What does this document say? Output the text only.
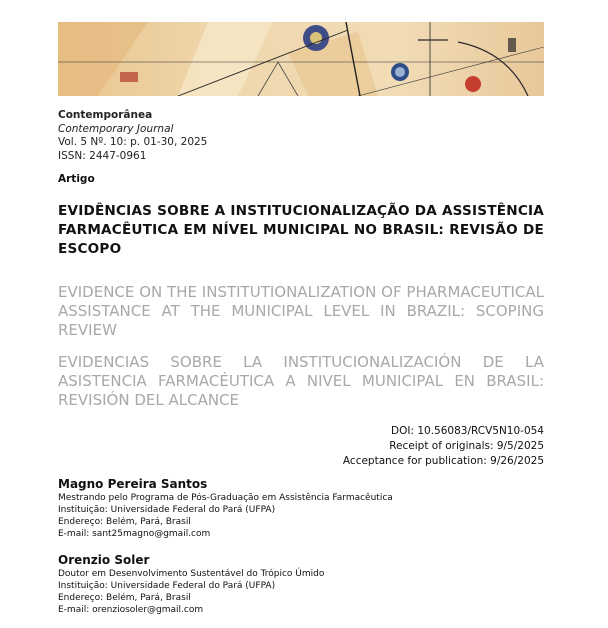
Contemporânea
Contemporary Journal
Vol. 5 Nº. 10: p. 01-30, 2025
ISSN: 2447-0961
Artigo
EVIDÊNCIAS SOBRE A INSTITUCIONALIZAÇÃO DA ASSISTÊNCIA FARMACÊUTICA EM NÍVEL MUNICIPAL NO BRASIL: REVISÃO DE ESCOPO
EVIDENCE ON THE INSTITUTIONALIZATION OF PHARMACEUTICAL ASSISTANCE AT THE MUNICIPAL LEVEL IN BRAZIL: SCOPING REVIEW
EVIDENCIAS SOBRE LA INSTITUCIONALIZACIÓN DE LA ASISTENCIA FARMACÉUTICA A NIVEL MUNICIPAL EN BRASIL: REVISIÓN DEL ALCANCE
DOI: 10.56083/RCV5N10-054
Receipt of originals: 9/5/2025
Acceptance for publication: 9/26/2025
Magno Pereira Santos
Mestrando pelo Programa de Pós-Graduação em Assistência Farmacêutica
Instituição: Universidade Federal do Pará (UFPA)
Endereço: Belém, Pará, Brasil
E-mail: sant25magno@gmail.com
Orenzio Soler
Doutor em Desenvolvimento Sustentável do Trópico Úmido
Instituição: Universidade Federal do Pará (UFPA)
Endereço: Belém, Pará, Brasil
E-mail: orenziosoler@gmail.com
